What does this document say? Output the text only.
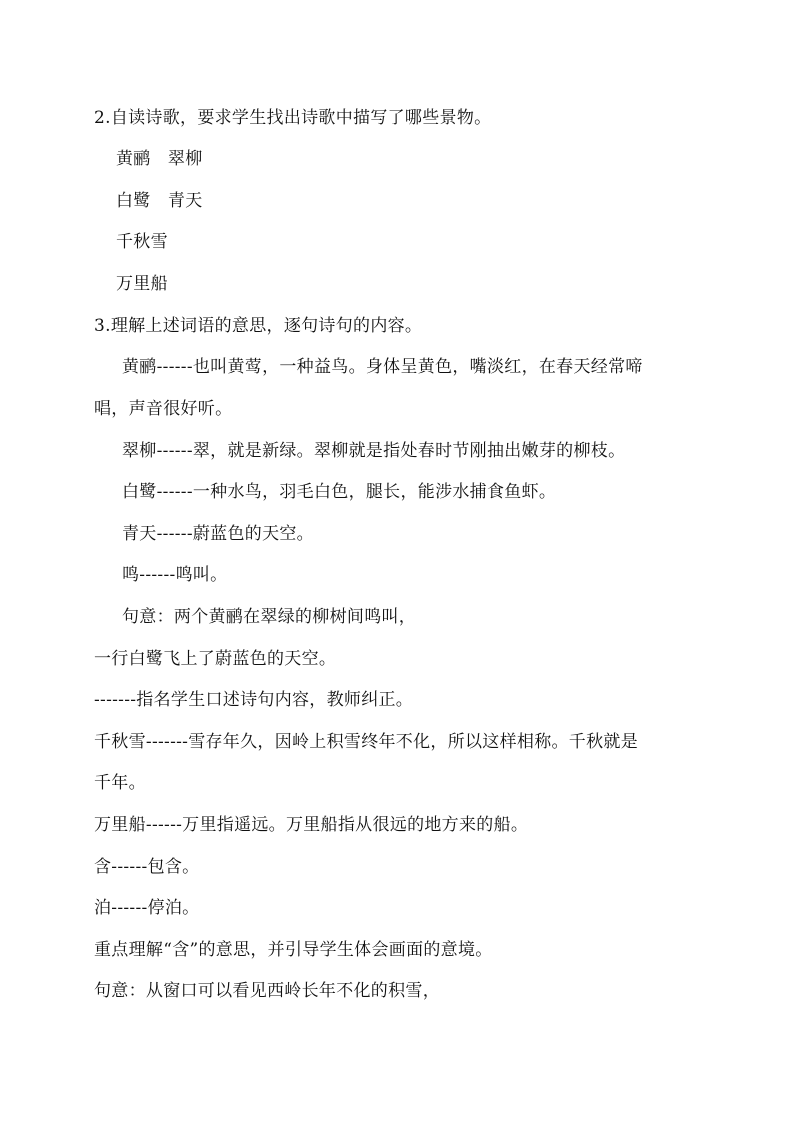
2.自读诗歌，要求学生找出诗歌中描写了哪些景物。
黄鹂　翠柳
白鹭　青天
千秋雪
万里船
3.理解上述词语的意思，逐句诗句的内容。
黄鹂------也叫黄莺，一种益鸟。身体呈黄色，嘴淡红，在春天经常啼
唱，声音很好听。
翠柳------翠，就是新绿。翠柳就是指处春时节刚抽出嫩芽的柳枝。
白鹭------一种水鸟，羽毛白色，腿长，能涉水捕食鱼虾。
青天------蔚蓝色的天空。
鸣------鸣叫。
句意：两个黄鹂在翠绿的柳树间鸣叫，
一行白鹭飞上了蔚蓝色的天空。
-------指名学生口述诗句内容，教师纠正。
千秋雪-------雪存年久，因岭上积雪终年不化，所以这样相称。千秋就是
千年。
万里船------万里指遥远。万里船指从很远的地方来的船。
含------包含。
泊------停泊。
重点理解“含”的意思，并引导学生体会画面的意境。
句意：从窗口可以看见西岭长年不化的积雪，
